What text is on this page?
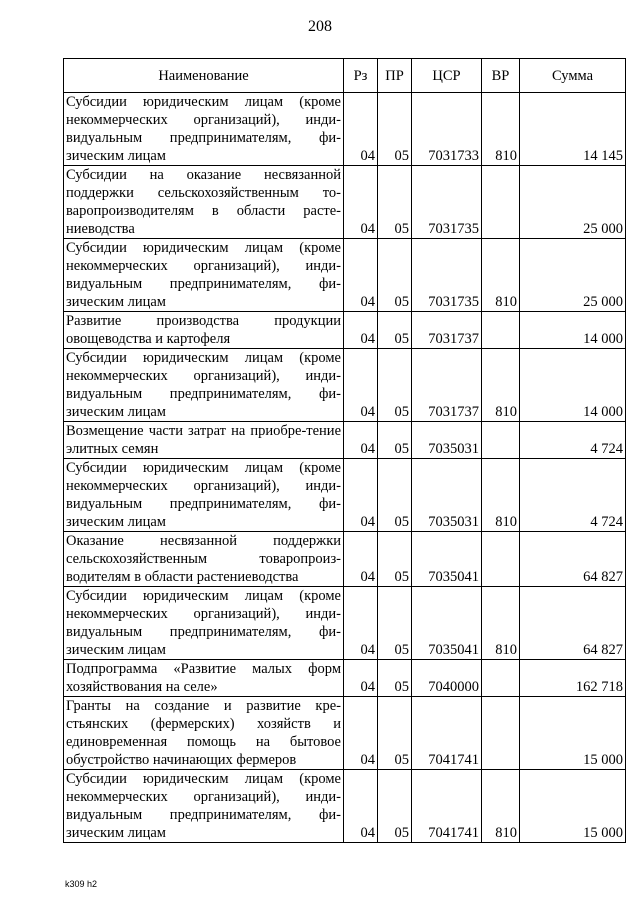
208
Наименование	Рз	ПР	ЦСР	ВР	Сумма
Субсидии юридическим лицам (кроме некоммерческих организаций), инди-видуальным предпринимателям, фи-зическим лицам	04	05	7031733	810	14 145
Субсидии на оказание несвязанной поддержки сельскохозяйственным то-варопроизводителям в области расте-ниеводства	04	05	7031735		25 000
Субсидии юридическим лицам (кроме некоммерческих организаций), инди-видуальным предпринимателям, фи-зическим лицам	04	05	7031735	810	25 000
Развитие производства продукции овощеводства и картофеля	04	05	7031737		14 000
Субсидии юридическим лицам (кроме некоммерческих организаций), инди-видуальным предпринимателям, фи-зическим лицам	04	05	7031737	810	14 000
Возмещение части затрат на приобре-тение элитных семян	04	05	7035031		4 724
Субсидии юридическим лицам (кроме некоммерческих организаций), инди-видуальным предпринимателям, фи-зическим лицам	04	05	7035031	810	4 724
Оказание несвязанной поддержки сельскохозяйственным товаропроиз-водителям в области растениеводства	04	05	7035041		64 827
Субсидии юридическим лицам (кроме некоммерческих организаций), инди-видуальным предпринимателям, фи-зическим лицам	04	05	7035041	810	64 827
Подпрограмма «Развитие малых форм хозяйствования на селе»	04	05	7040000		162 718
Гранты на создание и развитие кре-стьянских (фермерских) хозяйств и единовременная помощь на бытовое обустройство начинающих фермеров	04	05	7041741		15 000
Субсидии юридическим лицам (кроме некоммерческих организаций), инди-видуальным предпринимателям, фи-зическим лицам	04	05	7041741	810	15 000
k309 h2
